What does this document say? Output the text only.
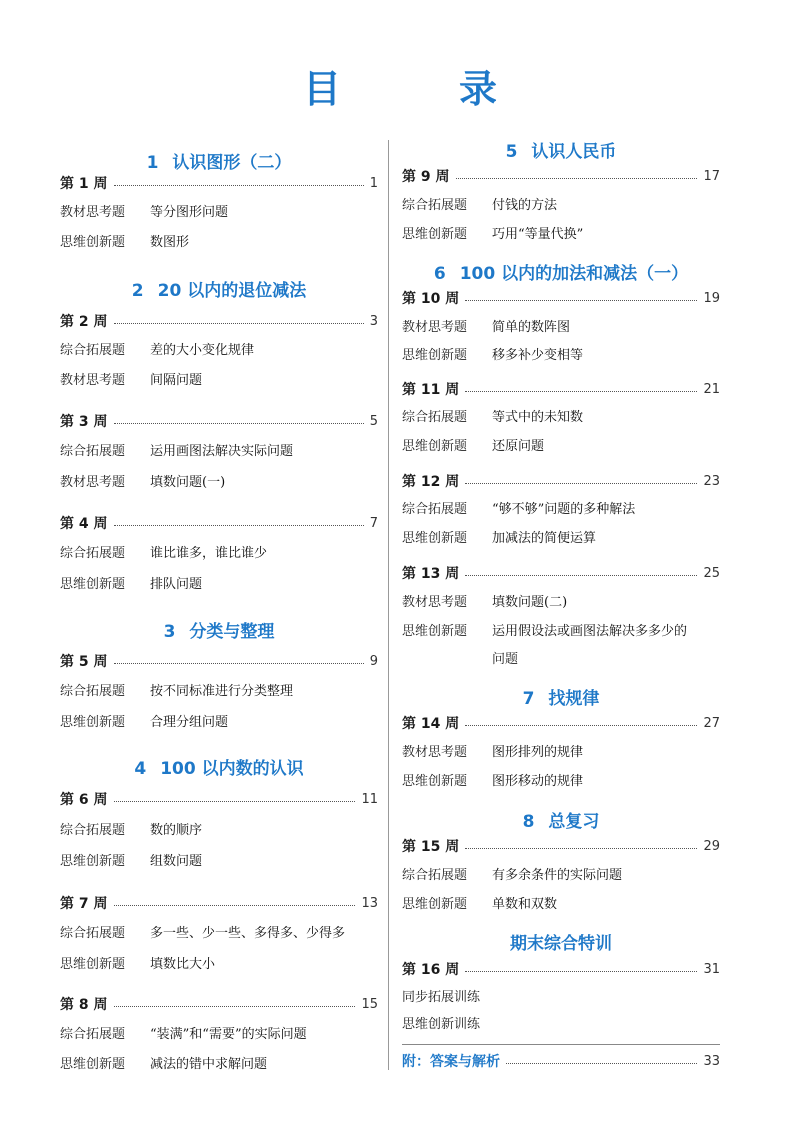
目　录
1 认识图形（二）
第 1 周	1
教材思考题	等分图形问题
思维创新题	数图形
2 20 以内的退位减法
第 2 周	3
综合拓展题	差的大小变化规律
教材思考题	间隔问题
第 3 周	5
综合拓展题	运用画图法解决实际问题
教材思考题	填数问题(一)
第 4 周	7
综合拓展题	谁比谁多，谁比谁少
思维创新题	排队问题
3 分类与整理
第 5 周	9
综合拓展题	按不同标准进行分类整理
思维创新题	合理分组问题
4 100 以内数的认识
第 6 周	11
综合拓展题	数的顺序
思维创新题	组数问题
第 7 周	13
综合拓展题	多一些、少一些、多得多、少得多
思维创新题	填数比大小
第 8 周	15
综合拓展题	“装满”和“需要”的实际问题
思维创新题	减法的错中求解问题
5 认识人民币
第 9 周	17
综合拓展题	付钱的方法
思维创新题	巧用“等量代换”
6 100 以内的加法和减法（一）
第 10 周	19
教材思考题	简单的数阵图
思维创新题	移多补少变相等
第 11 周	21
综合拓展题	等式中的未知数
思维创新题	还原问题
第 12 周	23
综合拓展题	“够不够”问题的多种解法
思维创新题	加减法的简便运算
第 13 周	25
教材思考题	填数问题(二)
思维创新题	运用假设法或画图法解决多多少的
问题
7 找规律
第 14 周	27
教材思考题	图形排列的规律
思维创新题	图形移动的规律
8 总复习
第 15 周	29
综合拓展题	有多余条件的实际问题
思维创新题	单数和双数
期末综合特训
第 16 周	31
同步拓展训练
思维创新训练
附：答案与解析	33
